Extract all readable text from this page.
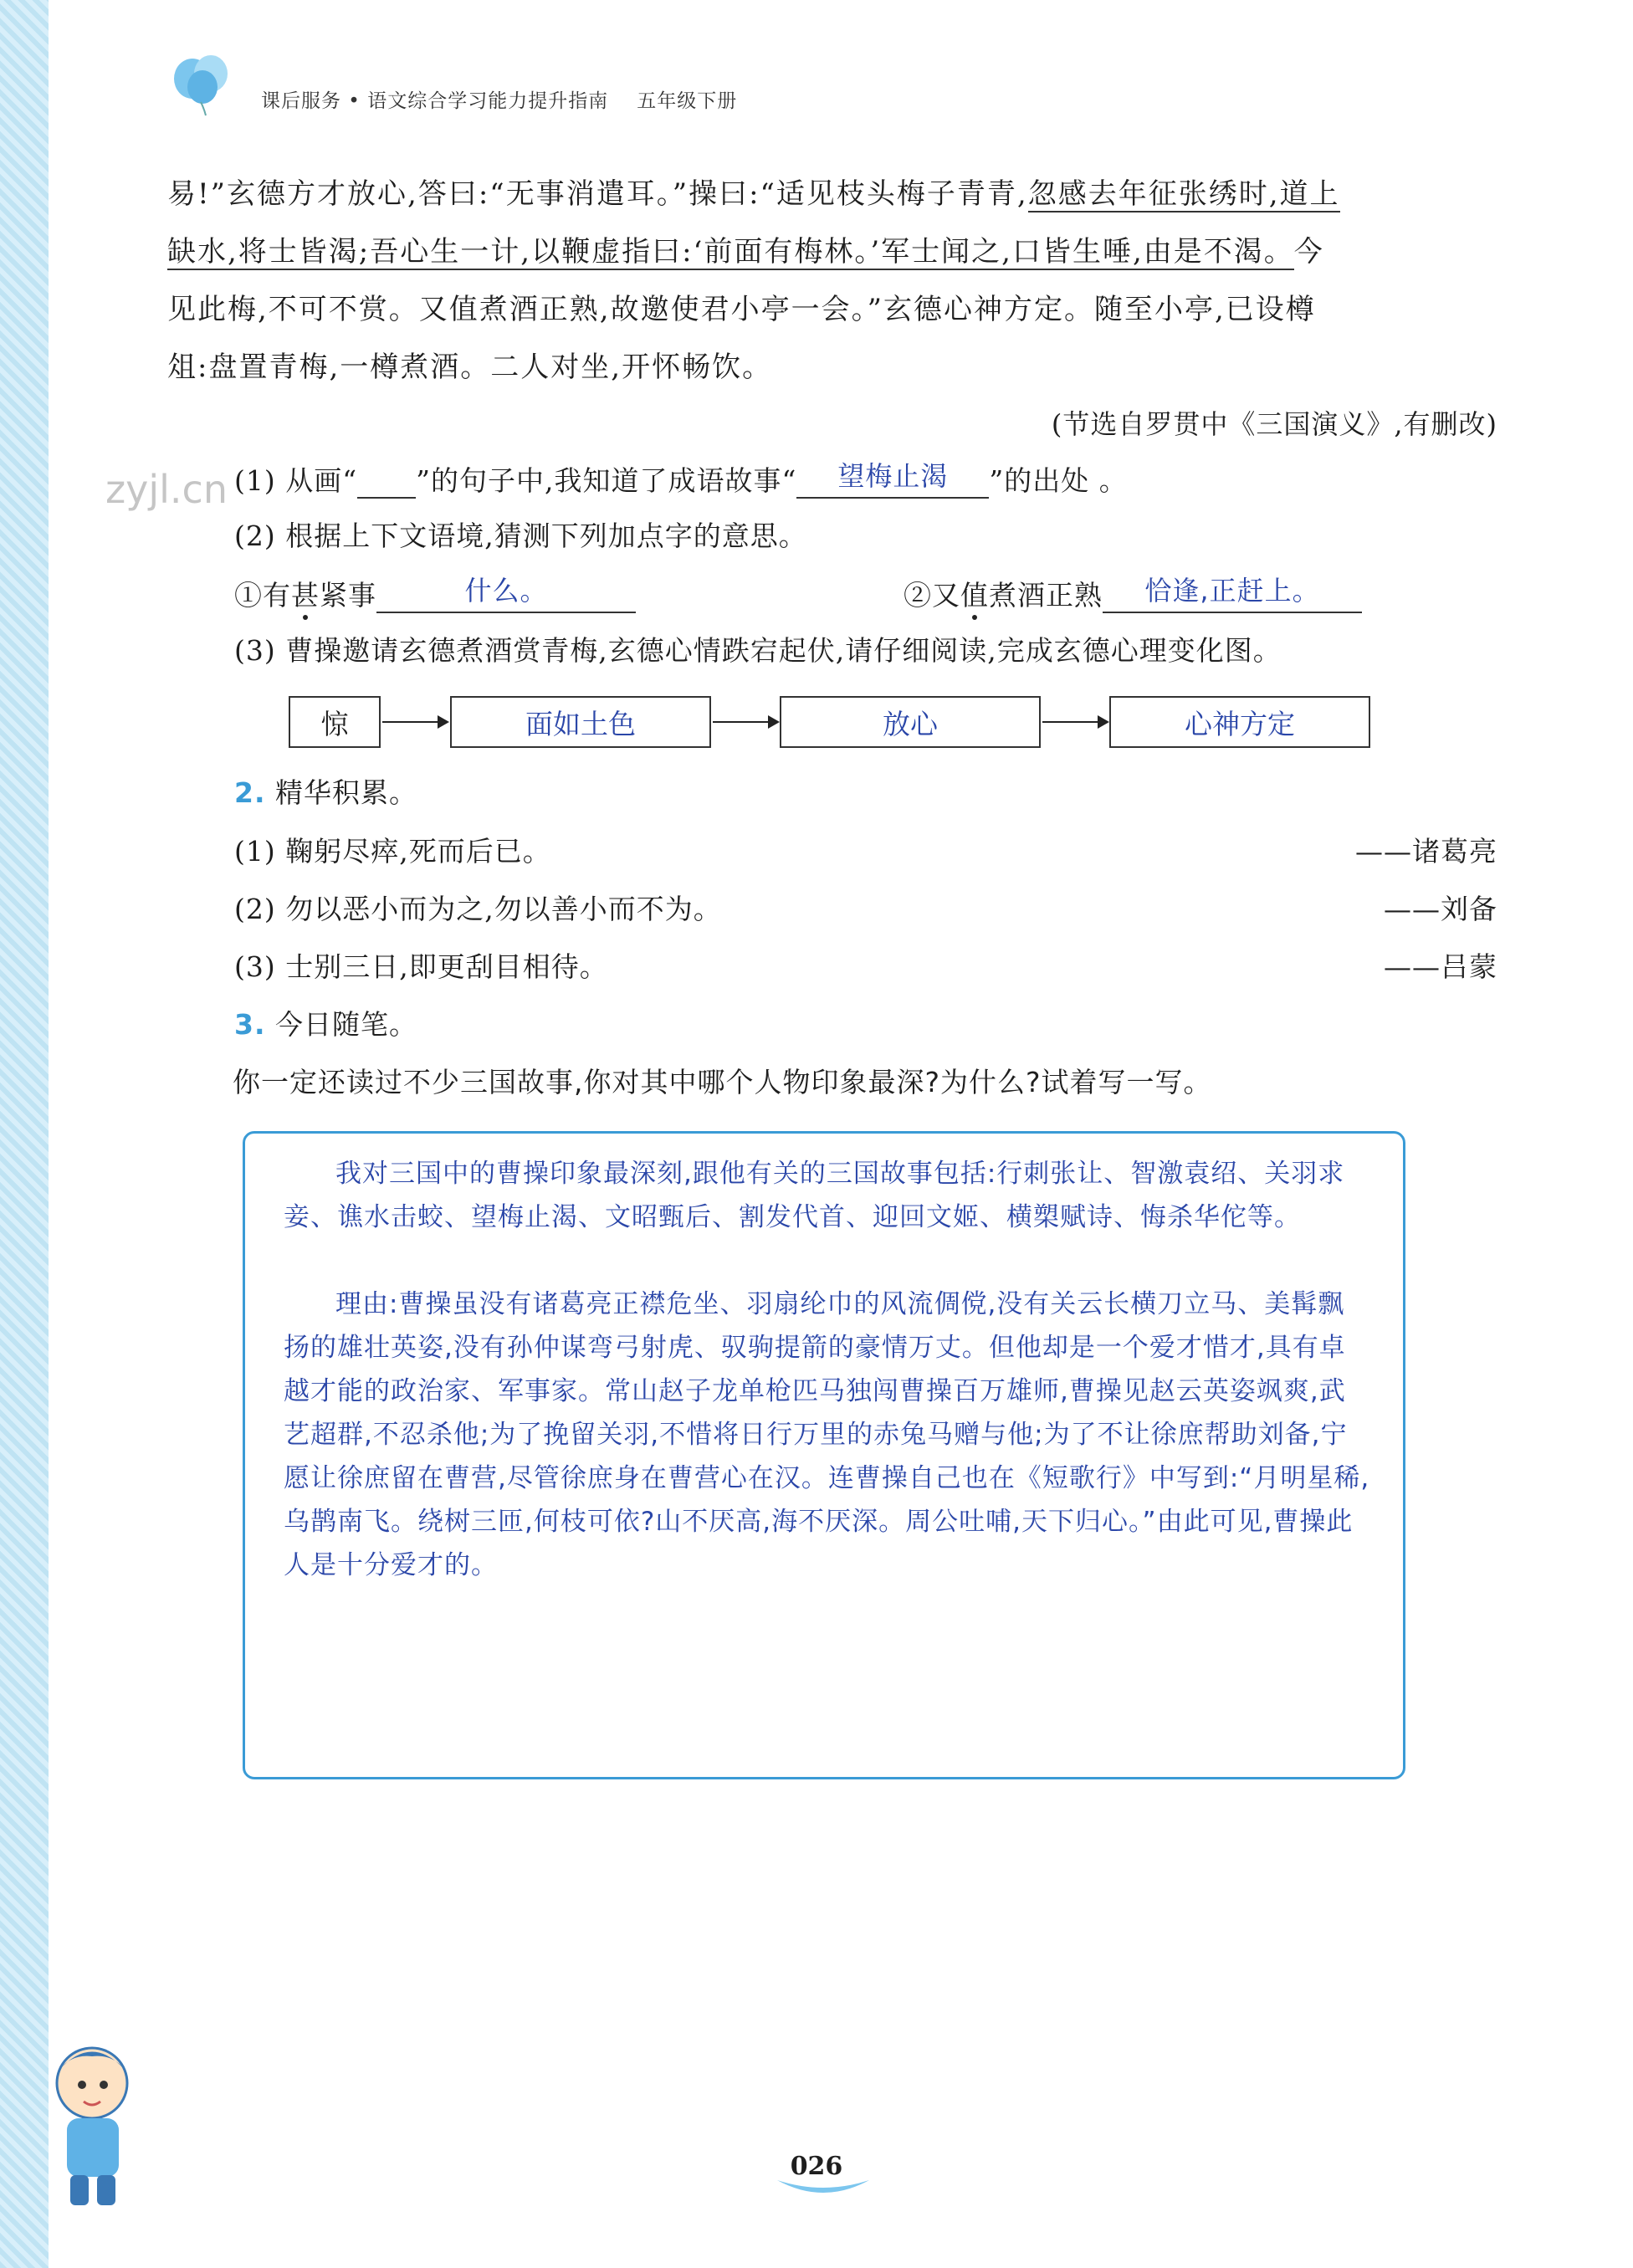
课后服务 • 语文综合学习能力提升指南 五年级下册
易!”玄德方才放心,答曰:“无事消遣耳。”操曰:“适见枝头梅子青青,忽感去年征张绣时,道上
缺水,将士皆渴;吾心生一计,以鞭虚指曰:‘前面有梅林。’军士闻之,口皆生唾,由是不渴。今
见此梅,不可不赏。又值煮酒正熟,故邀使君小亭一会。”玄德心神方定。随至小亭,已设樽
俎:盘置青梅,一樽煮酒。二人对坐,开怀畅饮。
(节选自罗贯中《三国演义》,有删改)
zyjl.cn (1) 从画“ ”的句子中,我知道了成语故事“	望梅止渴	”的出处 。
(2) 根据上下文语境,猜测下列加点字的意思。
①有甚紧事	什么。	②又值煮酒正熟	恰逢,正赶上。
(3) 曹操邀请玄德煮酒赏青梅,玄德心情跌宕起伏,请仔细阅读,完成玄德心理变化图。
惊	面如土色	放心	心神方定
2. 精华积累。
(1) 鞠躬尽瘁,死而后已。	——诸葛亮
(2) 勿以恶小而为之,勿以善小而不为。	——刘备
(3) 士别三日,即更刮目相待。	——吕蒙
3. 今日随笔。
你一定还读过不少三国故事,你对其中哪个人物印象最深?为什么?试着写一写。

我对三国中的曹操印象最深刻,跟他有关的三国故事包括:行刺张让、智激袁绍、关羽求妾、谯水击蛟、望梅止渴、文昭甄后、割发代首、迎回文姬、横槊赋诗、悔杀华佗等。

理由:曹操虽没有诸葛亮正襟危坐、羽扇纶巾的风流倜傥,没有关云长横刀立马、美髯飘扬的雄壮英姿,没有孙仲谋弯弓射虎、驭驹提箭的豪情万丈。但他却是一个爱才惜才,具有卓越才能的政治家、军事家。常山赵子龙单枪匹马独闯曹操百万雄师,曹操见赵云英姿飒爽,武艺超群,不忍杀他;为了挽留关羽,不惜将日行万里的赤兔马赠与他;为了不让徐庶帮助刘备,宁愿让徐庶留在曹营,尽管徐庶身在曹营心在汉。连曹操自己也在《短歌行》中写到:“月明星稀,乌鹊南飞。绕树三匝,何枝可依?山不厌高,海不厌深。周公吐哺,天下归心。”由此可见,曹操此人是十分爱才的。

026
